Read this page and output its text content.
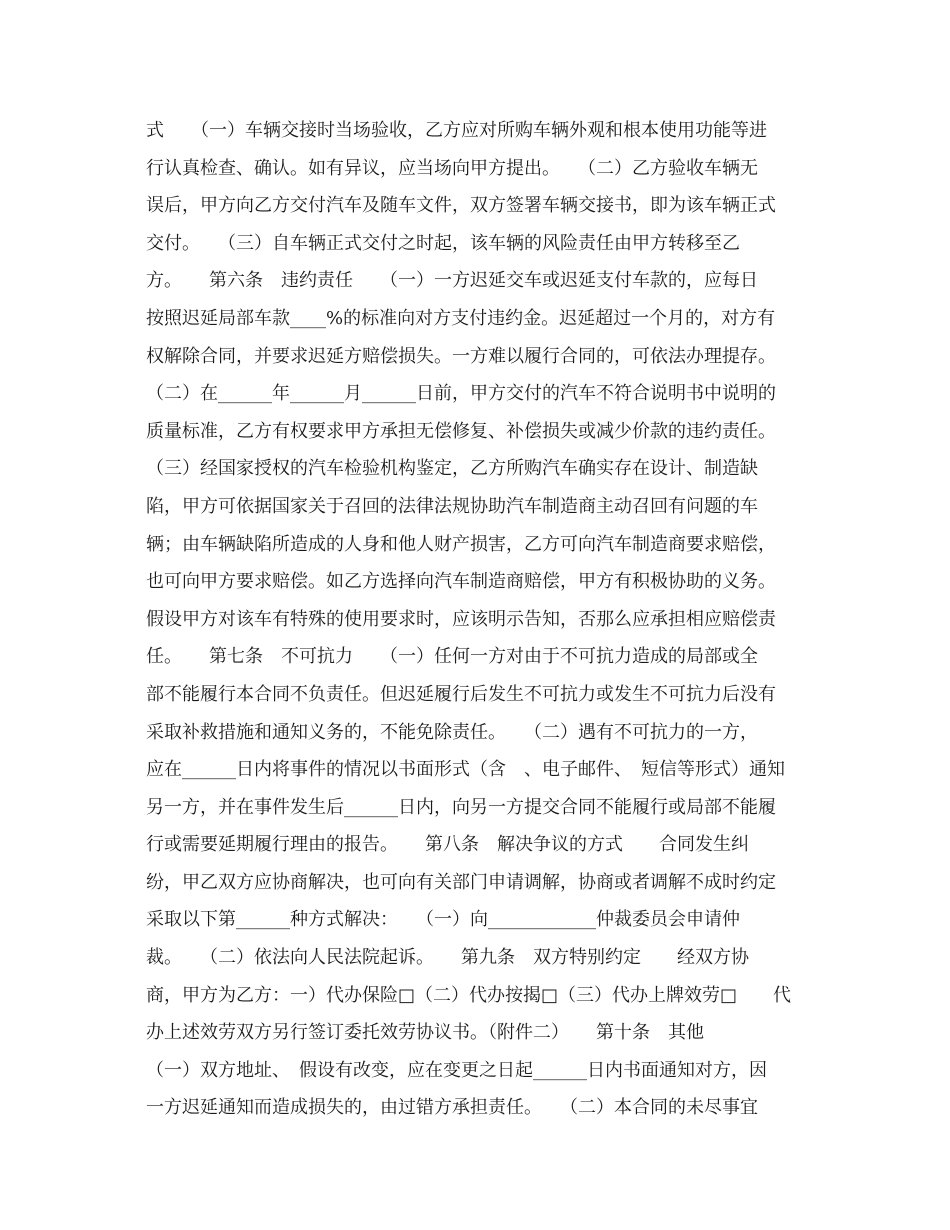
式　　（一）车辆交接时当场验收，乙方应对所购车辆外观和根本使用功能等进
行认真检查、确认。如有异议，应当场向甲方提出。　　（二）乙方验收车辆无
误后，甲方向乙方交付汽车及随车文件，双方签署车辆交接书，即为该车辆正式
交付。　　（三）自车辆正式交付之时起，该车辆的风险责任由甲方转移至乙
方。　　第六条　违约责任　　（一）一方迟延交车或迟延支付车款的，应每日
按照迟延局部车款____%的标准向对方支付违约金。迟延超过一个月的，对方有
权解除合同，并要求迟延方赔偿损失。一方难以履行合同的，可依法办理提存。
（二）在______年______月______日前，甲方交付的汽车不符合说明书中说明的
质量标准，乙方有权要求甲方承担无偿修复、补偿损失或减少价款的违约责任。
（三）经国家授权的汽车检验机构鉴定，乙方所购汽车确实存在设计、制造缺
陷，甲方可依据国家关于召回的法律法规协助汽车制造商主动召回有问题的车
辆；由车辆缺陷所造成的人身和他人财产损害，乙方可向汽车制造商要求赔偿，
也可向甲方要求赔偿。如乙方选择向汽车制造商赔偿，甲方有积极协助的义务。
假设甲方对该车有特殊的使用要求时，应该明示告知，否那么应承担相应赔偿责
任。　　第七条　不可抗力　　（一）任何一方对由于不可抗力造成的局部或全
部不能履行本合同不负责任。但迟延履行后发生不可抗力或发生不可抗力后没有
采取补救措施和通知义务的，不能免除责任。　　（二）遇有不可抗力的一方，
应在______日内将事件的情况以书面形式（含　、电子邮件、　短信等形式）通知
另一方，并在事件发生后______日内，向另一方提交合同不能履行或局部不能履
行或需要延期履行理由的报告。　　第八条　解决争议的方式　　合同发生纠
纷，甲乙双方应协商解决，也可向有关部门申请调解，协商或者调解不成时约定
采取以下第______种方式解决：　　（一）向____________仲裁委员会申请仲
裁。　　（二）依法向人民法院起诉。　　第九条　双方特别约定　　经双方协
商，甲方为乙方：一）代办保险□（二）代办按揭□（三）代办上牌效劳□　　代
办上述效劳双方另行签订委托效劳协议书。（附件二）　　第十条　其他
（一）双方地址、　假设有改变，应在变更之日起______日内书面通知对方，因
一方迟延通知而造成损失的，由过错方承担责任。　　（二）本合同的未尽事宜
